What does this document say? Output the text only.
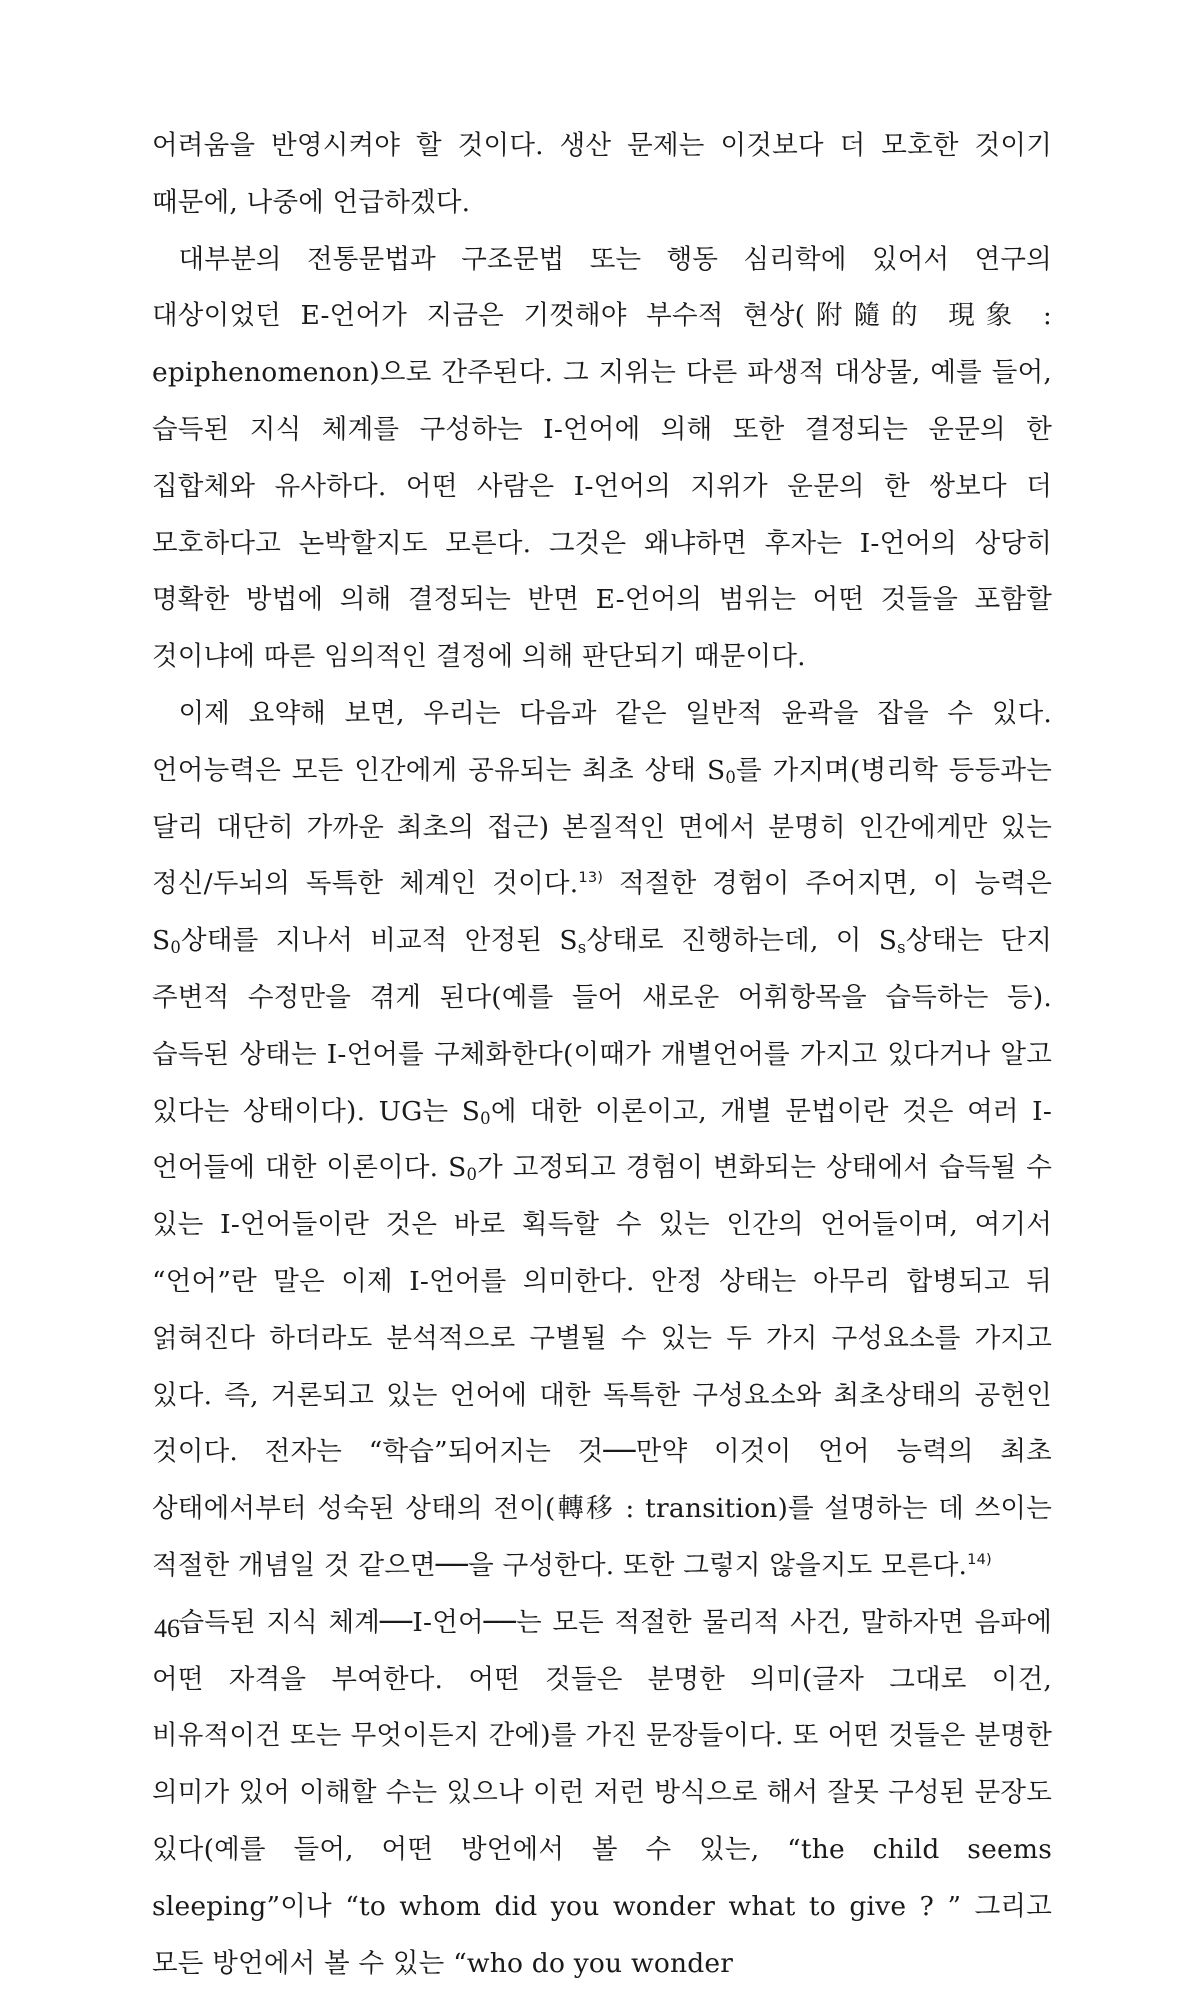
어려움을 반영시켜야 할 것이다. 생산 문제는 이것보다 더 모호한 것이기 때문에, 나중에 언급하겠다.

대부분의 전통문법과 구조문법 또는 행동 심리학에 있어서 연구의 대상이었던 E-언어가 지금은 기껏해야 부수적 현상(附隨的 現象 : epiphenomenon)으로 간주된다. 그 지위는 다른 파생적 대상물, 예를 들어, 습득된 지식 체계를 구성하는 I-언어에 의해 또한 결정되는 운문의 한 집합체와 유사하다. 어떤 사람은 I-언어의 지위가 운문의 한 쌍보다 더 모호하다고 논박할지도 모른다. 그것은 왜냐하면 후자는 I-언어의 상당히 명확한 방법에 의해 결정되는 반면 E-언어의 범위는 어떤 것들을 포함할 것이냐에 따른 임의적인 결정에 의해 판단되기 때문이다.

이제 요약해 보면, 우리는 다음과 같은 일반적 윤곽을 잡을 수 있다. 언어능력은 모든 인간에게 공유되는 최초 상태 $S_0$를 가지며(병리학 등등과는 달리 대단히 가까운 최초의 접근) 본질적인 면에서 분명히 인간에게만 있는 정신/두뇌의 독특한 체계인 것이다.$^{13)}$ 적절한 경험이 주어지면, 이 능력은 $S_0$상태를 지나서 비교적 안정된 $S_s$상태로 진행하는데, 이 $S_s$상태는 단지 주변적 수정만을 겪게 된다(예를 들어 새로운 어휘항목을 습득하는 등). 습득된 상태는 I-언어를 구체화한다(이때가 개별언어를 가지고 있다거나 알고 있다는 상태이다). UG는 $S_0$에 대한 이론이고, 개별 문법이란 것은 여러 I-언어들에 대한 이론이다. $S_0$가 고정되고 경험이 변화되는 상태에서 습득될 수 있는 I-언어들이란 것은 바로 획득할 수 있는 인간의 언어들이며, 여기서 “언어”란 말은 이제 I-언어를 의미한다. 안정 상태는 아무리 합병되고 뒤 얽혀진다 하더라도 분석적으로 구별될 수 있는 두 가지 구성요소를 가지고 있다. 즉, 거론되고 있는 언어에 대한 독특한 구성요소와 최초상태의 공헌인 것이다. 전자는 “학습”되어지는 것──만약 이것이 언어 능력의 최초 상태에서부터 성숙된 상태의 전이(轉移 : transition)를 설명하는 데 쓰이는 적절한 개념일 것 같으면──을 구성한다. 또한 그렇지 않을지도 모른다.$^{14)}$

습득된 지식 체계──I-언어──는 모든 적절한 물리적 사건, 말하자면 음파에 어떤 자격을 부여한다. 어떤 것들은 분명한 의미(글자 그대로 이건, 비유적이건 또는 무엇이든지 간에)를 가진 문장들이다. 또 어떤 것들은 분명한 의미가 있어 이해할 수는 있으나 이런 저런 방식으로 해서 잘못 구성된 문장도 있다(예를 들어, 어떤 방언에서 볼 수 있는, “the child seems sleeping”이나 “to whom did you wonder what to give ? ” 그리고 모든 방언에서 볼 수 있는 “who do you wonder

46
